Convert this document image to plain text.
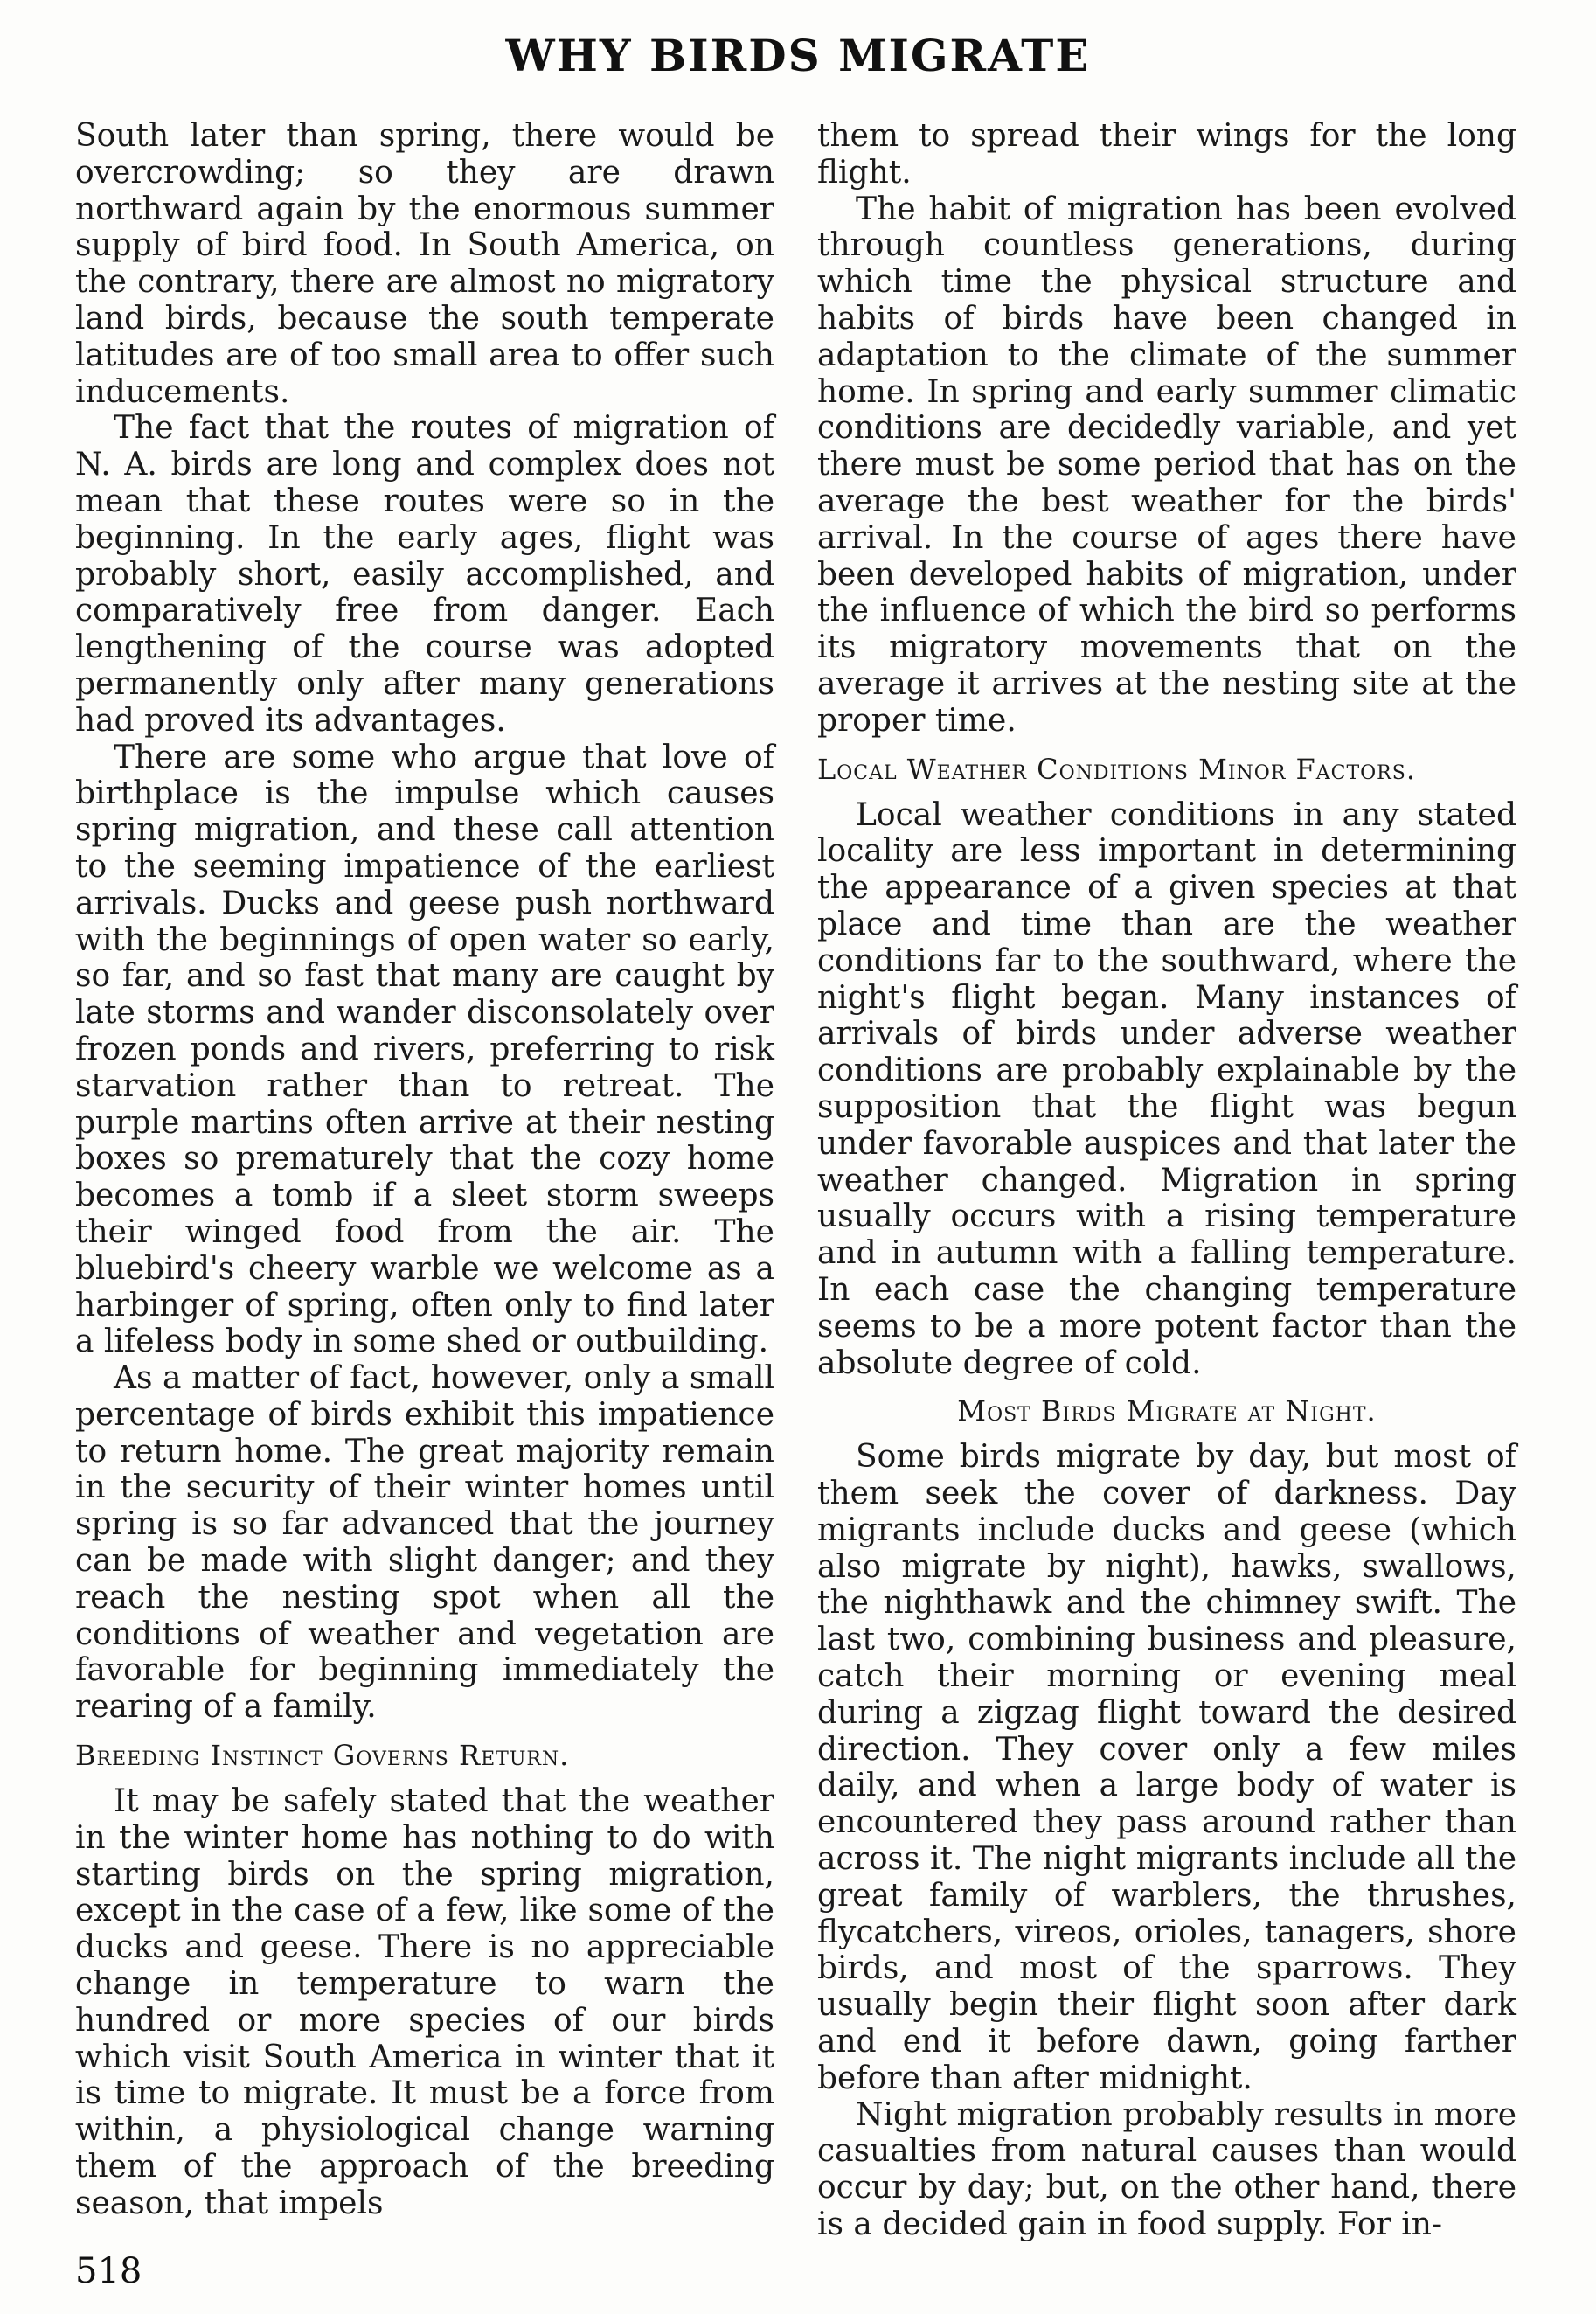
WHY BIRDS MIGRATE

South later than spring, there would be overcrowding; so they are drawn northward again by the enormous summer supply of bird food. In South America, on the contrary, there are almost no migratory land birds, because the south temperate latitudes are of too small area to offer such inducements.

The fact that the routes of migration of N. A. birds are long and complex does not mean that these routes were so in the beginning. In the early ages, flight was probably short, easily accomplished, and comparatively free from danger. Each lengthening of the course was adopted permanently only after many generations had proved its advantages.

There are some who argue that love of birthplace is the impulse which causes spring migration, and these call attention to the seeming impatience of the earliest arrivals. Ducks and geese push northward with the beginnings of open water so early, so far, and so fast that many are caught by late storms and wander disconsolately over frozen ponds and rivers, preferring to risk starvation rather than to retreat. The purple martins often arrive at their nesting boxes so prematurely that the cozy home becomes a tomb if a sleet storm sweeps their winged food from the air. The bluebird's cheery warble we welcome as a harbinger of spring, often only to find later a lifeless body in some shed or outbuilding.

As a matter of fact, however, only a small percentage of birds exhibit this impatience to return home. The great majority remain in the security of their winter homes until spring is so far advanced that the journey can be made with slight danger; and they reach the nesting spot when all the conditions of weather and vegetation are favorable for beginning immediately the rearing of a family.

Breeding Instinct Governs Return.

It may be safely stated that the weather in the winter home has nothing to do with starting birds on the spring migration, except in the case of a few, like some of the ducks and geese. There is no appreciable change in temperature to warn the hundred or more species of our birds which visit South America in winter that it is time to migrate. It must be a force from within, a physiological change warning them of the approach of the breeding season, that impels

them to spread their wings for the long flight.

The habit of migration has been evolved through countless generations, during which time the physical structure and habits of birds have been changed in adaptation to the climate of the summer home. In spring and early summer climatic conditions are decidedly variable, and yet there must be some period that has on the average the best weather for the birds' arrival. In the course of ages there have been developed habits of migration, under the influence of which the bird so performs its migratory movements that on the average it arrives at the nesting site at the proper time.

Local Weather Conditions Minor Factors.

Local weather conditions in any stated locality are less important in determining the appearance of a given species at that place and time than are the weather conditions far to the southward, where the night's flight began. Many instances of arrivals of birds under adverse weather conditions are probably explainable by the supposition that the flight was begun under favorable auspices and that later the weather changed. Migration in spring usually occurs with a rising temperature and in autumn with a falling temperature. In each case the changing temperature seems to be a more potent factor than the absolute degree of cold.

Most Birds Migrate at Night.

Some birds migrate by day, but most of them seek the cover of darkness. Day migrants include ducks and geese (which also migrate by night), hawks, swallows, the nighthawk and the chimney swift. The last two, combining business and pleasure, catch their morning or evening meal during a zigzag flight toward the desired direction. They cover only a few miles daily, and when a large body of water is encountered they pass around rather than across it. The night migrants include all the great family of warblers, the thrushes, flycatchers, vireos, orioles, tanagers, shore birds, and most of the sparrows. They usually begin their flight soon after dark and end it before dawn, going farther before than after midnight.

Night migration probably results in more casualties from natural causes than would occur by day; but, on the other hand, there is a decided gain in food supply. For in-

518
